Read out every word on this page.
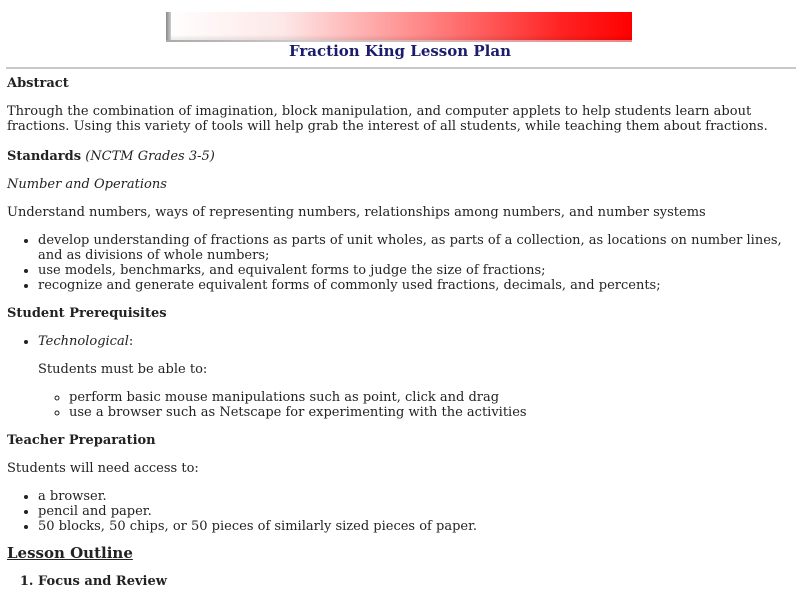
Fraction King Lesson Plan
Abstract
Through the combination of imagination, block manipulation, and computer applets to help students learn about fractions. Using this variety of tools will help grab the interest of all students, while teaching them about fractions.
Standards (NCTM Grades 3-5)
Number and Operations
Understand numbers, ways of representing numbers, relationships among numbers, and number systems
• develop understanding of fractions as parts of unit wholes, as parts of a collection, as locations on number lines, and as divisions of whole numbers;
• use models, benchmarks, and equivalent forms to judge the size of fractions;
• recognize and generate equivalent forms of commonly used fractions, decimals, and percents;
Student Prerequisites
• Technological:
Students must be able to:
◦ perform basic mouse manipulations such as point, click and drag
◦ use a browser such as Netscape for experimenting with the activities
Teacher Preparation
Students will need access to:
• a browser.
• pencil and paper.
• 50 blocks, 50 chips, or 50 pieces of similarly sized pieces of paper.
Lesson Outline
1. Focus and Review
